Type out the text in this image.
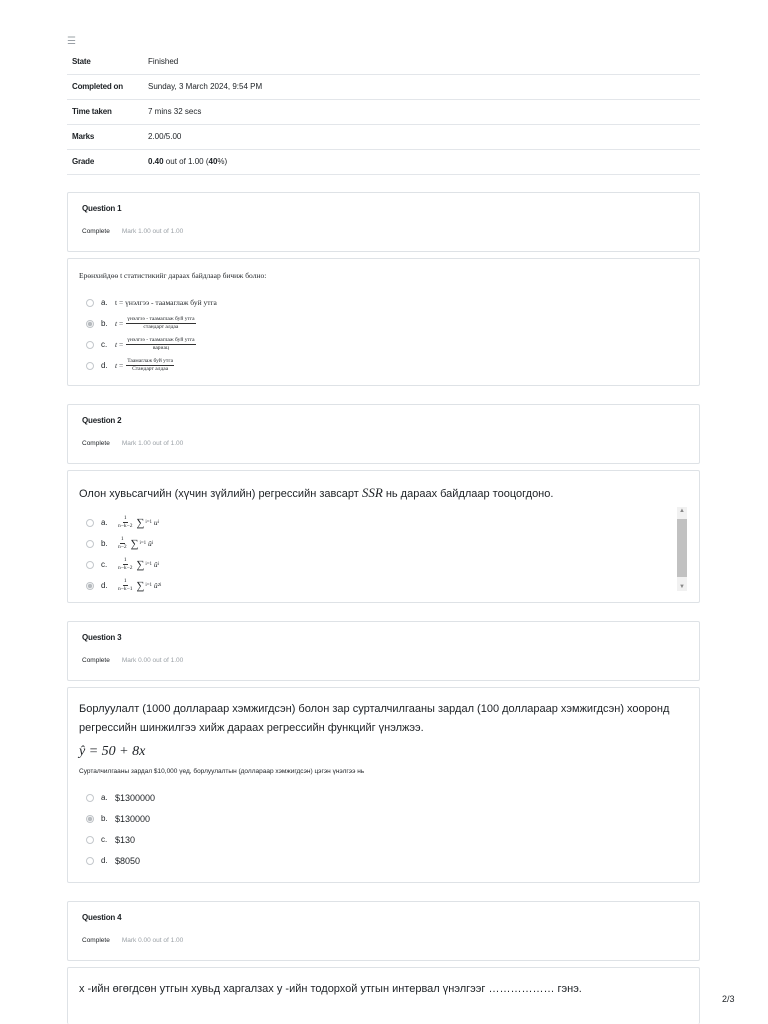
☰
State	Finished
Completed on	Sunday, 3 March 2024, 9:54 PM
Time taken	7 mins 32 secs
Marks	2.00/5.00
Grade	0.40 out of 1.00 (40%)
Question 1
Complete Mark 1.00 out of 1.00
Ерөнхийдөө t статистикийг дараах байдлаар бичиж болно:
a. t = үнэлгээ - таамаглаж буй утга
b. $t = \frac{\text{үнэлгээ - таамаглаж буй утга}}{\text{стандарт алдаа}}$
c.	$t = \frac{\text{үнэлгээ - таамаглаж буй утга}}{\text{вариац}}$
d. $t = \frac{\text{Таамаглаж буй утга}}{\text{Стандарт алдаа}}$
Question 2
Complete Mark 1.00 out of 1.00
Олон хувьсагчийн (хүчин зүйлийн) регрессийн завсарт SSR нь дараах байдлаар тооцогдоно.
a.	$\frac{1}{n-k-2}$ ∑ i=1
u i
b.	$\frac{1}{n-2}$ ∑ i=1
û i
c.	$\frac{1}{n-k-2}$ ∑ i=1
û i
d.	$\frac{1}{n-k-1}$ ∑ i=1
û² i
▲
▼
Question 3
Complete Mark 0.00 out of 1.00
Борлуулалт (1000 доллараар хэмжигдсэн) болон зар сурталчилгааны зардал (100 доллараар хэмжигдсэн) хооронд регрессийн шинжилгээ хийж дараах регрессийн функцийг үнэлжээ.
ŷ = 50 + 8x
Сурталчилгааны зардал $10,000 үед, борлуулалтын (доллараар хэмжигдсэн) цэгэн үнэлгээ нь
a. $1300000
b. $130000
c. $130
d. $8050
Question 4
Complete Mark 0.00 out of 1.00
x -ийн өгөгдсөн утгын хувьд харгалзах y -ийн тодорхой утгын интервал үнэлгээг ……………… гэнэ.
2/3
